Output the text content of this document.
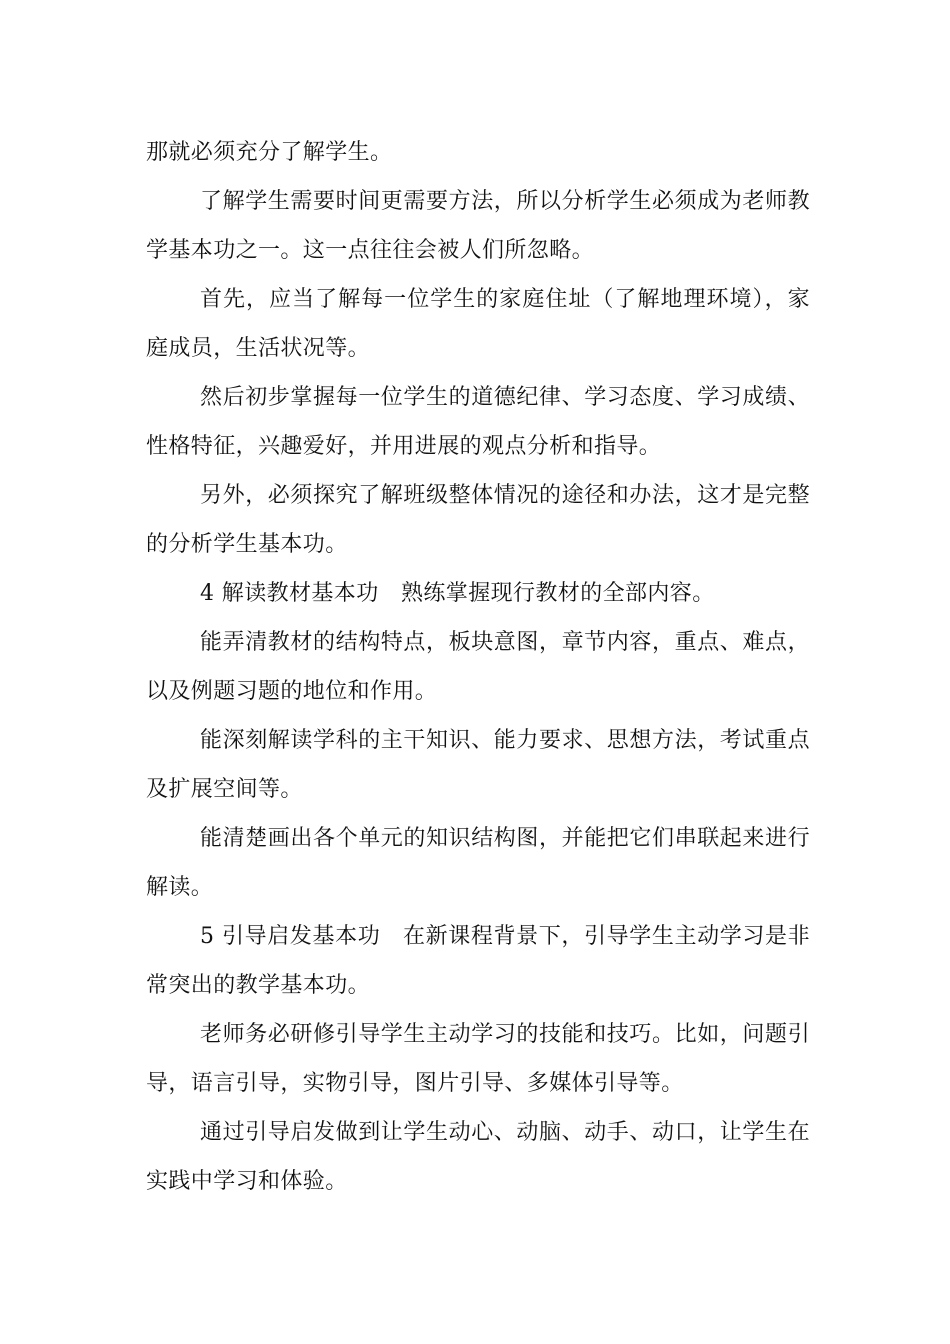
那就必须充分了解学生。

了解学生需要时间更需要方法，所以分析学生必须成为老师教学基本功之一。这一点往往会被人们所忽略。

首先，应当了解每一位学生的家庭住址（了解地理环境），家庭成员，生活状况等。

然后初步掌握每一位学生的道德纪律、学习态度、学习成绩、性格特征，兴趣爱好，并用进展的观点分析和指导。

另外，必须探究了解班级整体情况的途径和办法，这才是完整的分析学生基本功。

4 解读教材基本功　熟练掌握现行教材的全部内容。

能弄清教材的结构特点，板块意图，章节内容，重点、难点，以及例题习题的地位和作用。

能深刻解读学科的主干知识、能力要求、思想方法，考试重点及扩展空间等。

能清楚画出各个单元的知识结构图，并能把它们串联起来进行解读。

5 引导启发基本功　在新课程背景下，引导学生主动学习是非常突出的教学基本功。

老师务必研修引导学生主动学习的技能和技巧。比如，问题引导，语言引导，实物引导，图片引导、多媒体引导等。

通过引导启发做到让学生动心、动脑、动手、动口，让学生在实践中学习和体验。
